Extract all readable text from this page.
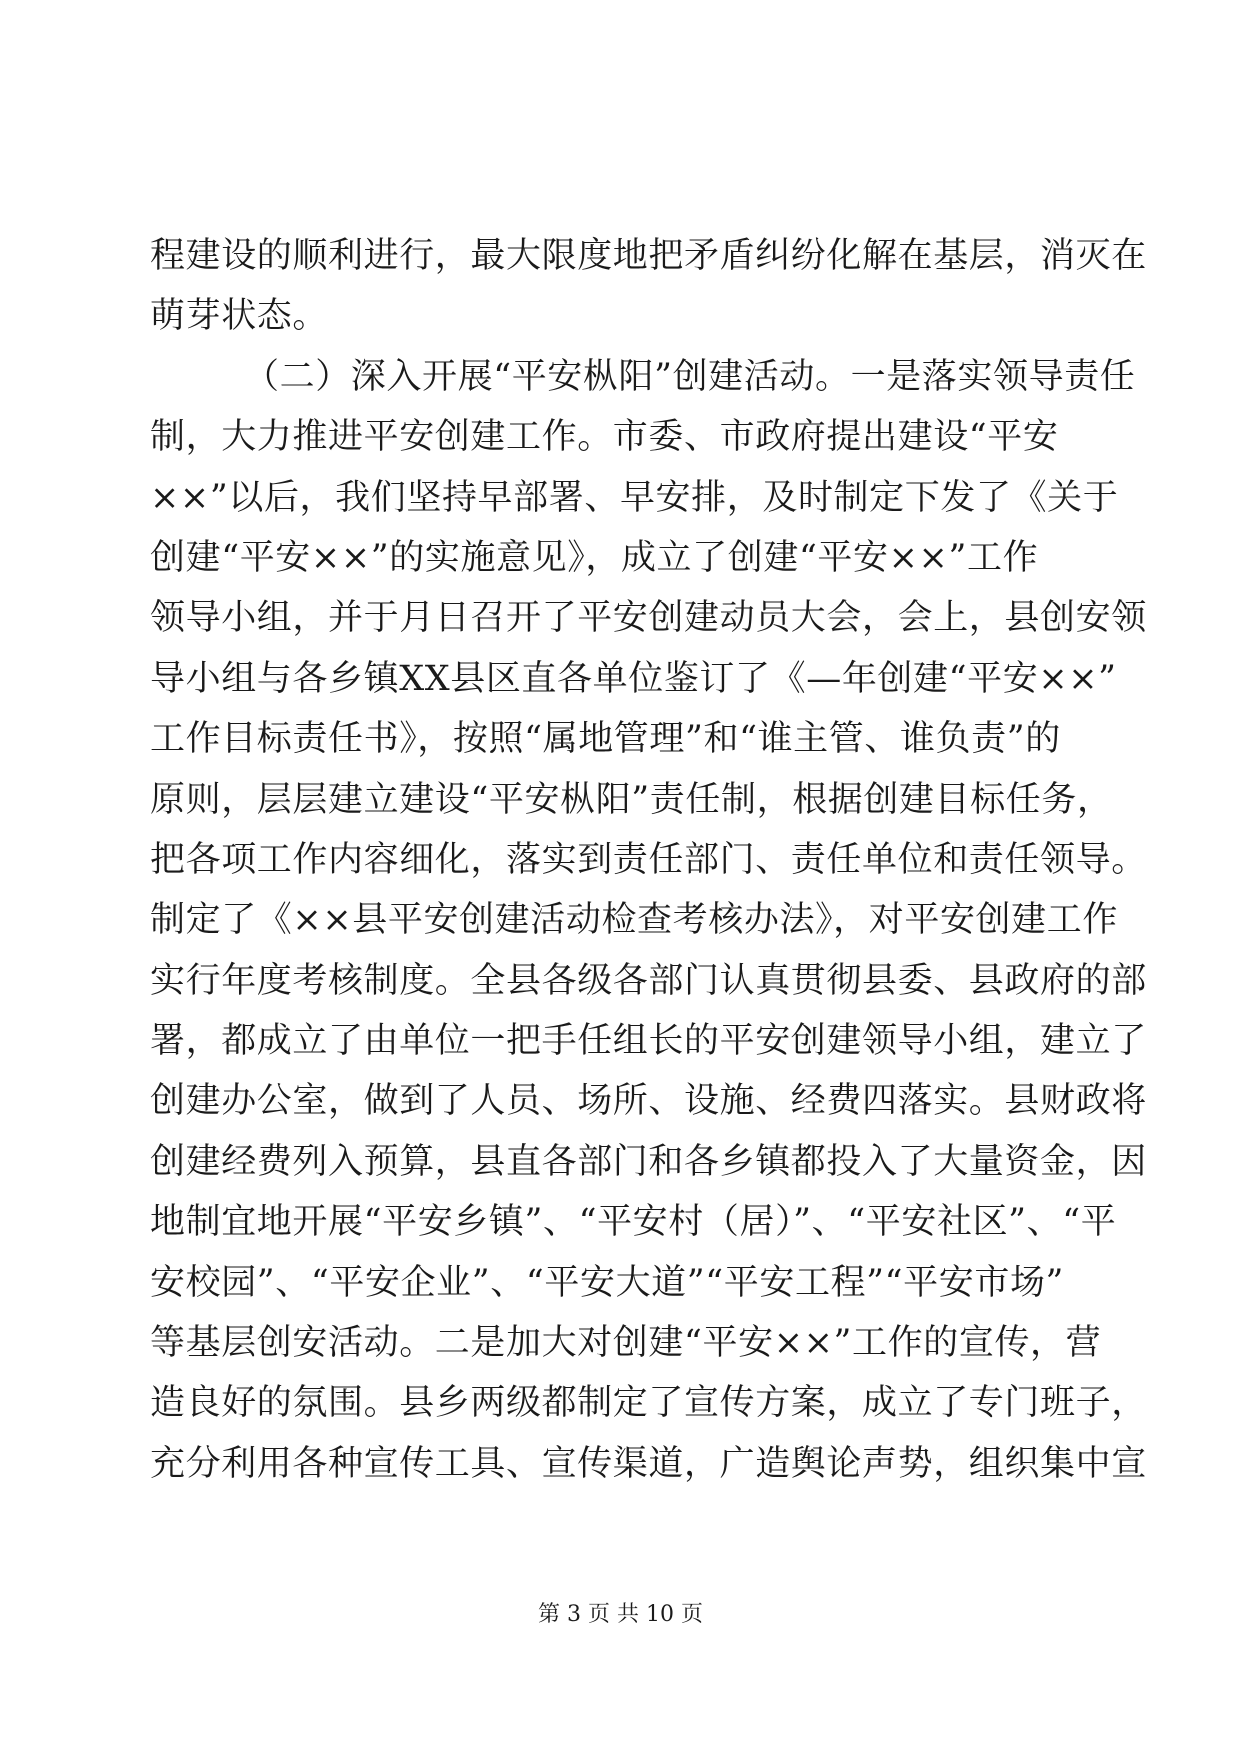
程建设的顺利进行，最大限度地把矛盾纠纷化解在基层，消灭在
萌芽状态。
（二）深入开展“平安枞阳”创建活动。一是落实领导责任
制，大力推进平安创建工作。市委、市政府提出建设“平安
××”以后，我们坚持早部署、早安排，及时制定下发了《关于
创建“平安××”的实施意见》，成立了创建“平安××”工作
领导小组，并于月日召开了平安创建动员大会，会上，县创安领
导小组与各乡镇XX县区直各单位鉴订了《—年创建“平安××”
工作目标责任书》，按照“属地管理”和“谁主管、谁负责”的
原则，层层建立建设“平安枞阳”责任制，根据创建目标任务，
把各项工作内容细化，落实到责任部门、责任单位和责任领导。
制定了《××县平安创建活动检查考核办法》，对平安创建工作
实行年度考核制度。全县各级各部门认真贯彻县委、县政府的部
署，都成立了由单位一把手任组长的平安创建领导小组，建立了
创建办公室，做到了人员、场所、设施、经费四落实。县财政将
创建经费列入预算，县直各部门和各乡镇都投入了大量资金，因
地制宜地开展“平安乡镇”、“平安村（居）”、“平安社区”、“平
安校园”、“平安企业”、“平安大道”“平安工程”“平安市场”
等基层创安活动。二是加大对创建“平安××”工作的宣传，营
造良好的氛围。县乡两级都制定了宣传方案，成立了专门班子，
充分利用各种宣传工具、宣传渠道，广造舆论声势，组织集中宣
第 3 页 共 10 页
